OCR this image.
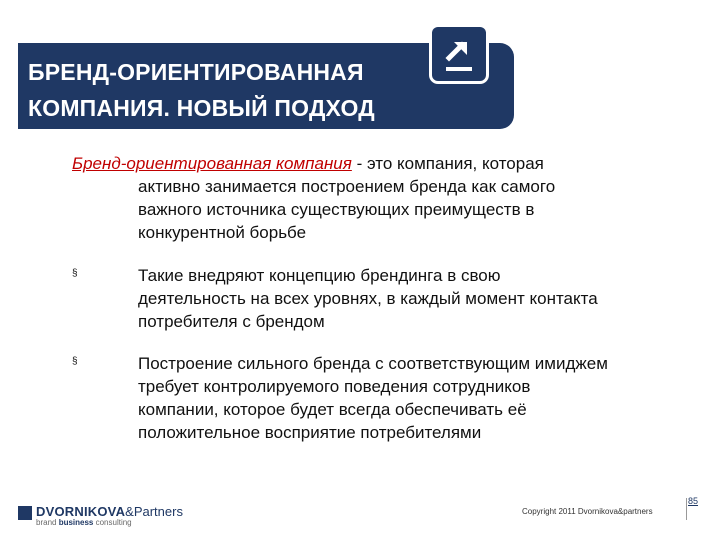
БРЕНД-ОРИЕНТИРОВАННАЯ
КОМПАНИЯ. НОВЫЙ ПОДХОД
Бренд-ориентированная компания - это компания, которая
активно занимается построением бренда как самого
важного источника существующих преимуществ в
конкурентной борьбе
§	Такие внедряют концепцию брендинга в свою
деятельность на всех уровнях, в каждый момент контакта
потребителя с брендом
§	Построение сильного бренда с соответствующим имиджем
требует контролируемого поведения сотрудников
компании, которое будет всегда обеспечивать её
положительное восприятие потребителями
DVORNIKOVA&Partners
brand business consulting
Copyright 2011 Dvornikova&partners
85
